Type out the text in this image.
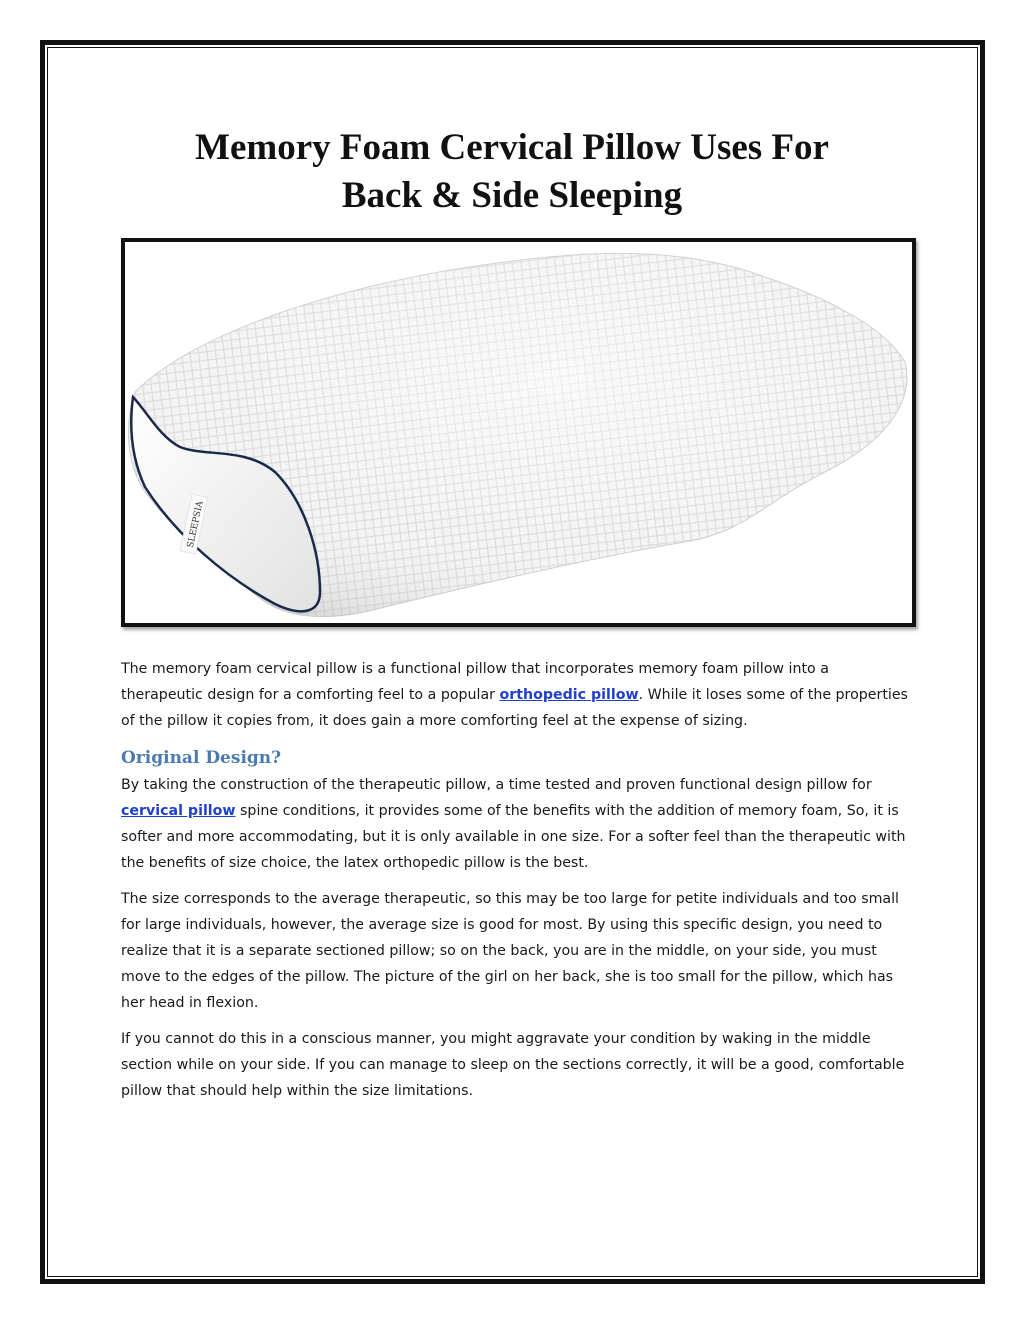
Memory Foam Cervical Pillow Uses For
Back & Side Sleeping
SLEEPSIA

The memory foam cervical pillow is a functional pillow that incorporates memory foam pillow into a therapeutic design for a comforting feel to a popular orthopedic pillow. While it loses some of the properties of the pillow it copies from, it does gain a more comforting feel at the expense of sizing.

Original Design?

By taking the construction of the therapeutic pillow, a time tested and proven functional design pillow for cervical pillow spine conditions, it provides some of the benefits with the addition of memory foam, So, it is softer and more accommodating, but it is only available in one size. For a softer feel than the therapeutic with the benefits of size choice, the latex orthopedic pillow is the best.

The size corresponds to the average therapeutic, so this may be too large for petite individuals and too small for large individuals, however, the average size is good for most. By using this specific design, you need to realize that it is a separate sectioned pillow; so on the back, you are in the middle, on your side, you must move to the edges of the pillow. The picture of the girl on her back, she is too small for the pillow, which has her head in flexion.

If you cannot do this in a conscious manner, you might aggravate your condition by waking in the middle section while on your side. If you can manage to sleep on the sections correctly, it will be a good, comfortable pillow that should help within the size limitations.
